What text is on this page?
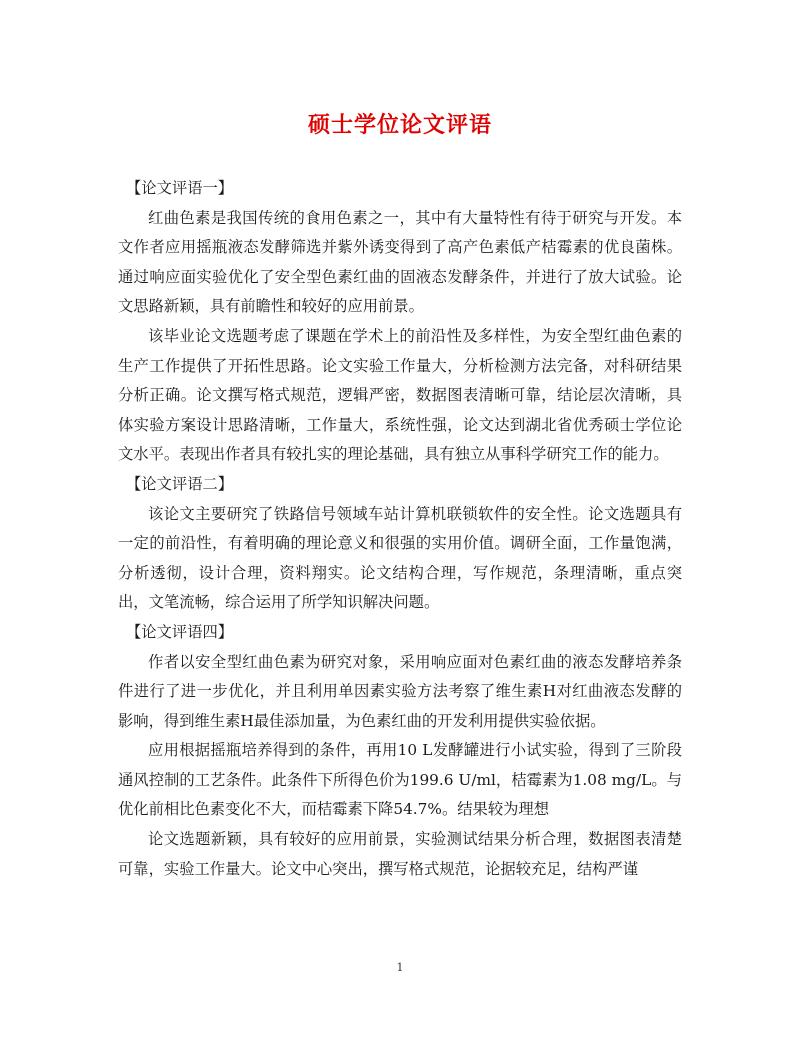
硕士学位论文评语

【论文评语一】

红曲色素是我国传统的食用色素之一，其中有大量特性有待于研究与开发。本文作者应用摇瓶液态发酵筛选并紫外诱变得到了高产色素低产桔霉素的优良菌株。通过响应面实验优化了安全型色素红曲的固液态发酵条件，并进行了放大试验。论文思路新颖，具有前瞻性和较好的应用前景。

该毕业论文选题考虑了课题在学术上的前沿性及多样性，为安全型红曲色素的生产工作提供了开拓性思路。论文实验工作量大，分析检测方法完备，对科研结果分析正确。论文撰写格式规范，逻辑严密，数据图表清晰可靠，结论层次清晰，具体实验方案设计思路清晰，工作量大，系统性强，论文达到湖北省优秀硕士学位论文水平。表现出作者具有较扎实的理论基础，具有独立从事科学研究工作的能力。

【论文评语二】

该论文主要研究了铁路信号领域车站计算机联锁软件的安全性。论文选题具有一定的前沿性，有着明确的理论意义和很强的实用价值。调研全面，工作量饱满，分析透彻，设计合理，资料翔实。论文结构合理，写作规范，条理清晰，重点突出，文笔流畅，综合运用了所学知识解决问题。

【论文评语四】

作者以安全型红曲色素为研究对象，采用响应面对色素红曲的液态发酵培养条件进行了进一步优化，并且利用单因素实验方法考察了维生素H对红曲液态发酵的影响，得到维生素H最佳添加量，为色素红曲的开发利用提供实验依据。

应用根据摇瓶培养得到的条件，再用10 L发酵罐进行小试实验，得到了三阶段通风控制的工艺条件。此条件下所得色价为199.6 U/ml，桔霉素为1.08 mg/L。与优化前相比色素变化不大，而桔霉素下降54.7%。结果较为理想

论文选题新颖，具有较好的应用前景，实验测试结果分析合理，数据图表清楚可靠，实验工作量大。论文中心突出，撰写格式规范，论据较充足，结构严谨

1
